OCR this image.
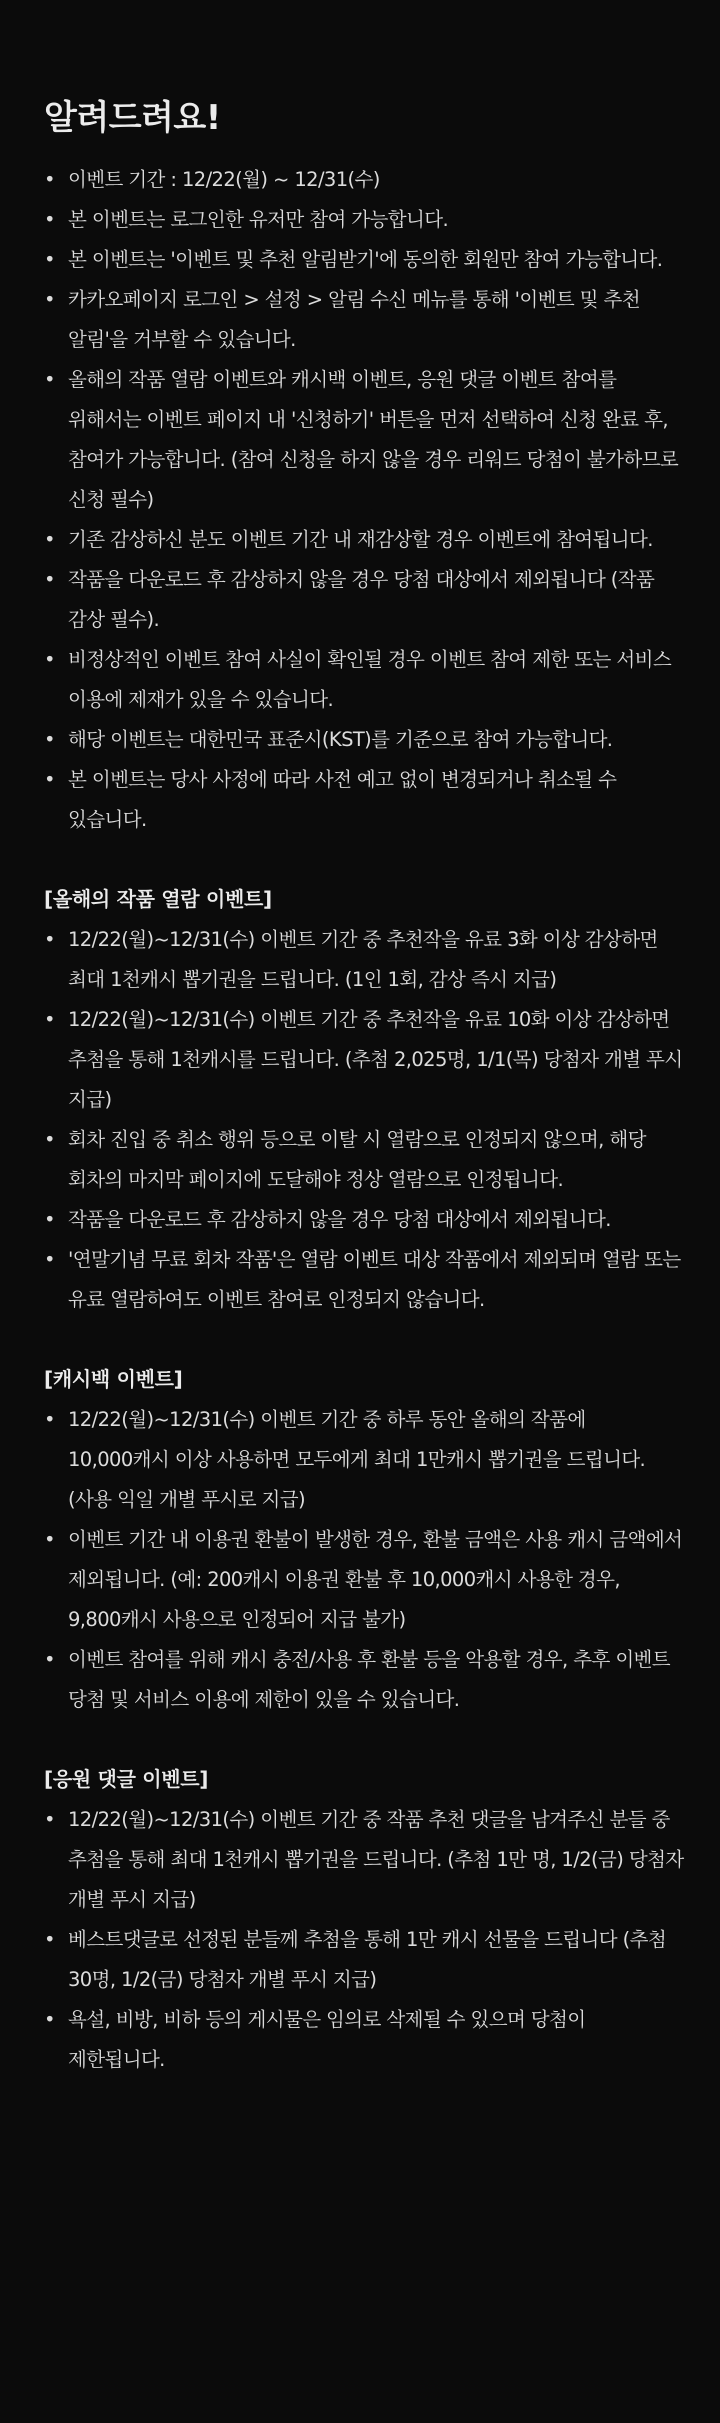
알려드려요!
• 이벤트 기간 : 12/22(월) ~ 12/31(수)
• 본 이벤트는 로그인한 유저만 참여 가능합니다.
• 본 이벤트는 '이벤트 및 추천 알림받기'에 동의한 회원만 참여 가능합니다.
• 카카오페이지 로그인 > 설정 > 알림 수신 메뉴를 통해 '이벤트 및 추천 알림'을 거부할 수 있습니다.
• 올해의 작품 열람 이벤트와 캐시백 이벤트, 응원 댓글 이벤트 참여를 위해서는 이벤트 페이지 내 '신청하기' 버튼을 먼저 선택하여 신청 완료 후, 참여가 가능합니다. (참여 신청을 하지 않을 경우 리워드 당첨이 불가하므로 신청 필수)
• 기존 감상하신 분도 이벤트 기간 내 재감상할 경우 이벤트에 참여됩니다.
• 작품을 다운로드 후 감상하지 않을 경우 당첨 대상에서 제외됩니다 (작품 감상 필수).
• 비정상적인 이벤트 참여 사실이 확인될 경우 이벤트 참여 제한 또는 서비스 이용에 제재가 있을 수 있습니다.
• 해당 이벤트는 대한민국 표준시(KST)를 기준으로 참여 가능합니다.
• 본 이벤트는 당사 사정에 따라 사전 예고 없이 변경되거나 취소될 수 있습니다.
[올해의 작품 열람 이벤트]
• 12/22(월)~12/31(수) 이벤트 기간 중 추천작을 유료 3화 이상 감상하면 최대 1천캐시 뽑기권을 드립니다. (1인 1회, 감상 즉시 지급)
• 12/22(월)~12/31(수) 이벤트 기간 중 추천작을 유료 10화 이상 감상하면 추첨을 통해 1천캐시를 드립니다. (추첨 2,025명, 1/1(목) 당첨자 개별 푸시 지급)
• 회차 진입 중 취소 행위 등으로 이탈 시 열람으로 인정되지 않으며, 해당 회차의 마지막 페이지에 도달해야 정상 열람으로 인정됩니다.
• 작품을 다운로드 후 감상하지 않을 경우 당첨 대상에서 제외됩니다.
• '연말기념 무료 회차 작품'은 열람 이벤트 대상 작품에서 제외되며 열람 또는 유료 열람하여도 이벤트 참여로 인정되지 않습니다.
[캐시백 이벤트]
• 12/22(월)~12/31(수) 이벤트 기간 중 하루 동안 올해의 작품에 10,000캐시 이상 사용하면 모두에게 최대 1만캐시 뽑기권을 드립니다. (사용 익일 개별 푸시로 지급)
• 이벤트 기간 내 이용권 환불이 발생한 경우, 환불 금액은 사용 캐시 금액에서 제외됩니다. (예: 200캐시 이용권 환불 후 10,000캐시 사용한 경우, 9,800캐시 사용으로 인정되어 지급 불가)
• 이벤트 참여를 위해 캐시 충전/사용 후 환불 등을 악용할 경우, 추후 이벤트 당첨 및 서비스 이용에 제한이 있을 수 있습니다.
[응원 댓글 이벤트]
• 12/22(월)~12/31(수) 이벤트 기간 중 작품 추천 댓글을 남겨주신 분들 중 추첨을 통해 최대 1천캐시 뽑기권을 드립니다. (추첨 1만 명, 1/2(금) 당첨자 개별 푸시 지급)
• 베스트댓글로 선정된 분들께 추첨을 통해 1만 캐시 선물을 드립니다 (추첨 30명, 1/2(금) 당첨자 개별 푸시 지급)
• 욕설, 비방, 비하 등의 게시물은 임의로 삭제될 수 있으며 당첨이 제한됩니다.
